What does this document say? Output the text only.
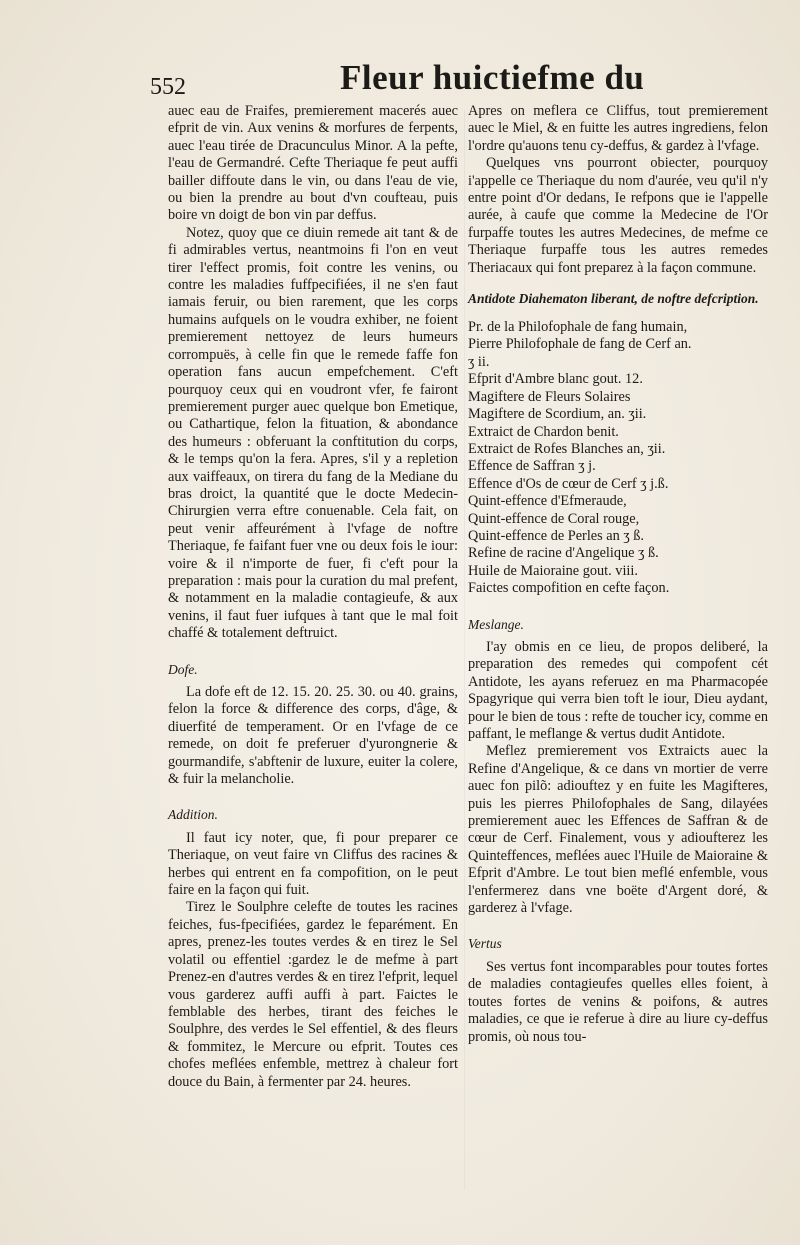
552	Fleur huictiefme du

auec eau de Fraifes, premierement macerés auec efprit de vin. Aux venins & morfures de ferpents, auec l'eau tirée de Dracunculus Minor. A la pefte, l'eau de Germandré. Cefte Theriaque fe peut auffi bailler diffoute dans le vin, ou dans l'eau de vie, ou bien la prendre au bout d'vn coufteau, puis boire vn doigt de bon vin par deffus.

Notez, quoy que ce diuin remede ait tant & de fi admirables vertus, neantmoins fi l'on en veut tirer l'effect promis, foit contre les venins, ou contre les maladies fuffpecifiées, il ne s'en faut iamais feruir, ou bien rarement, que les corps humains aufquels on le voudra exhiber, ne foient premierement nettoyez de leurs humeurs corrompuës, à celle fin que le remede faffe fon operation fans aucun empefchement. C'eft pourquoy ceux qui en voudront vfer, fe fairont premierement purger auec quelque bon Emetique, ou Cathartique, felon la fituation, & abondance des humeurs : obferuant la conftitution du corps, & le temps qu'on la fera. Apres, s'il y a repletion aux vaiffeaux, on tirera du fang de la Mediane du bras droict, la quantité que le docte Medecin-Chirurgien verra eftre conuenable. Cela fait, on peut venir affeurément à l'vfage de noftre Theriaque, fe faifant fuer vne ou deux fois le iour: voire & il n'importe de fuer, fi c'eft pour la preparation : mais pour la curation du mal prefent, & notamment en la maladie contagieufe, & aux venins, il faut fuer iufques à tant que le mal foit chaffé & totalement deftruict.

Dofe.

La dofe eft de 12. 15. 20. 25. 30. ou 40. grains, felon la force & difference des corps, d'âge, & diuerfité de temperament. Or en l'vfage de ce remede, on doit fe preferuer d'yurongnerie & gourmandife, s'abftenir de luxure, euiter la colere, & fuir la melancholie.

Addition.

Il faut icy noter, que, fi pour preparer ce Theriaque, on veut faire vn Cliffus des racines & herbes qui entrent en fa compofition, on le peut faire en la façon qui fuit.

Tirez le Soulphre celefte de toutes les racines feiches, fus-fpecifiées, gardez le feparément. En apres, prenez-les toutes verdes & en tirez le Sel volatil ou effentiel :gardez le de mefme à part Prenez-en d'autres verdes & en tirez l'efprit, lequel vous garderez auffi auffi à part. Faictes le femblable des herbes, tirant des feiches le Soulphre, des verdes le Sel effentiel, & des fleurs & fommitez, le Mercure ou efprit. Toutes ces chofes meflées enfemble, mettrez à chaleur fort douce du Bain, à fermenter par 24. heures.

Apres on meflera ce Cliffus, tout premierement auec le Miel, & en fuitte les autres ingrediens, felon l'ordre qu'auons tenu cy-deffus, & gardez à l'vfage.

Quelques vns pourront obiecter, pourquoy i'appelle ce Theriaque du nom d'aurée, veu qu'il n'y entre point d'Or dedans, Ie refpons que ie l'appelle aurée, à caufe que comme la Medecine de l'Or furpaffe toutes les autres Medecines, de mefme ce Theriaque furpaffe tous les autres remedes Theriacaux qui font preparez à la façon commune.

Antidote Diahematon liberant, de noftre defcription.

Pr. de la Philofophale de fang humain,
Pierre Philofophale de fang de Cerf an.
ʒ ii.
Efprit d'Ambre blanc gout. 12.
Magiftere de Fleurs Solaires
Magiftere de Scordium, an. ʒii.
Extraict de Chardon benit.
Extraict de Rofes Blanches an, ʒii.
Effence de Saffran ʒ j.
Effence d'Os de cœur de Cerf ʒ j.ß.
Quint-effence d'Efmeraude,
Quint-effence de Coral rouge,
Quint-effence de Perles an ʒ ß.
Refine de racine d'Angelique ʒ ß.
Huile de Maioraine gout. viii.
Faictes compofition en cefte façon.

Meslange.

I'ay obmis en ce lieu, de propos deliberé, la preparation des remedes qui compofent cét Antidote, les ayans referuez en ma Pharmacopée Spagyrique qui verra bien toft le iour, Dieu aydant, pour le bien de tous : refte de toucher icy, comme en paffant, le meflange & vertus dudit Antidote.

Meflez premierement vos Extraicts auec la Refine d'Angelique, & ce dans vn mortier de verre auec fon pilõ: adiouftez y en fuite les Magifteres, puis les pierres Philofophales de Sang, dilayées premierement auec les Effences de Saffran & de cœur de Cerf. Finalement, vous y adioufterez les Quinteffences, meflées auec l'Huile de Maioraine & Efprit d'Ambre. Le tout bien meflé enfemble, vous l'enfermerez dans vne boëte d'Argent doré, & garderez à l'vfage.

Vertus

Ses vertus font incomparables pour toutes fortes de maladies contagieufes quelles elles foient, à toutes fortes de venins & poifons, & autres maladies, ce que ie referue à dire au liure cy-deffus promis, où nous tou-
